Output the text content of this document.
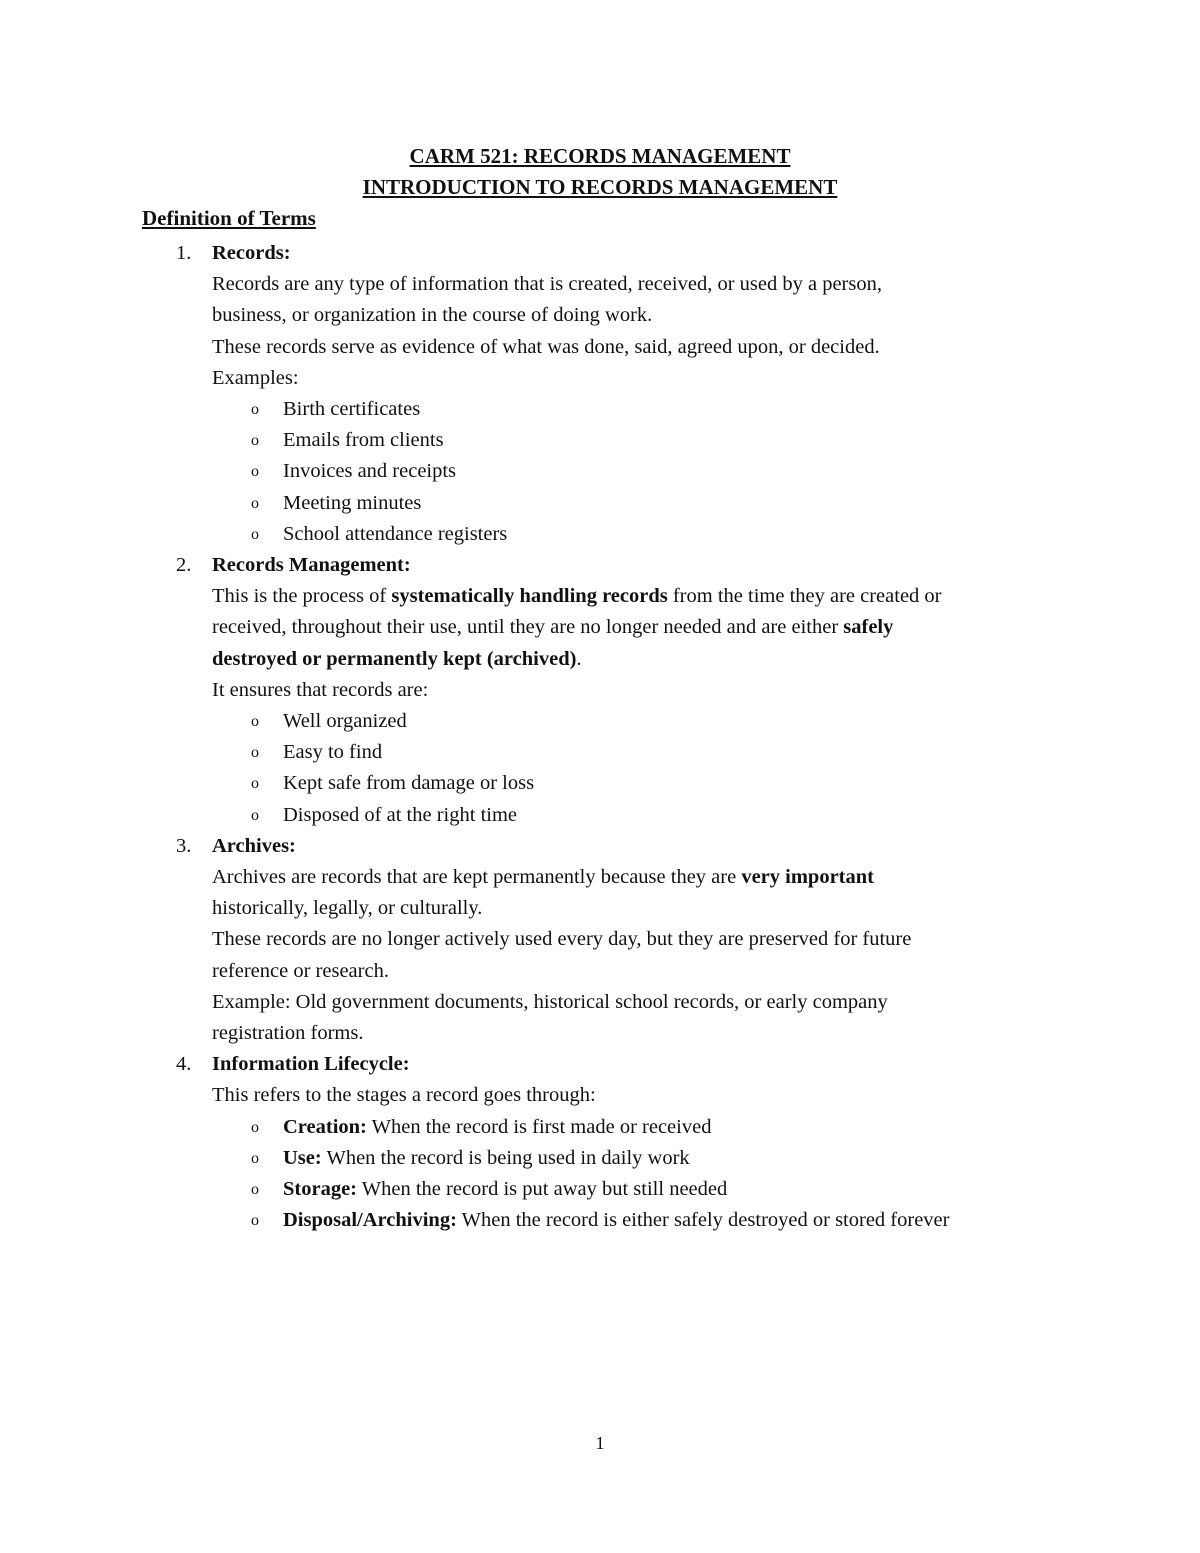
CARM 521: RECORDS MANAGEMENT
INTRODUCTION TO RECORDS MANAGEMENT
Definition of Terms
1. Records:
Records are any type of information that is created, received, or used by a person,
business, or organization in the course of doing work.
These records serve as evidence of what was done, said, agreed upon, or decided.
Examples:
o Birth certificates
o Emails from clients
o Invoices and receipts
o Meeting minutes
o School attendance registers
2. Records Management:
This is the process of systematically handling records from the time they are created or
received, throughout their use, until they are no longer needed and are either safely
destroyed or permanently kept (archived).
It ensures that records are:
o Well organized
o Easy to find
o Kept safe from damage or loss
o Disposed of at the right time
3. Archives:
Archives are records that are kept permanently because they are very important
historically, legally, or culturally.
These records are no longer actively used every day, but they are preserved for future
reference or research.
Example: Old government documents, historical school records, or early company
registration forms.
4. Information Lifecycle:
This refers to the stages a record goes through:
o Creation: When the record is first made or received
o Use: When the record is being used in daily work
o Storage: When the record is put away but still needed
o Disposal/Archiving: When the record is either safely destroyed or stored forever
1
